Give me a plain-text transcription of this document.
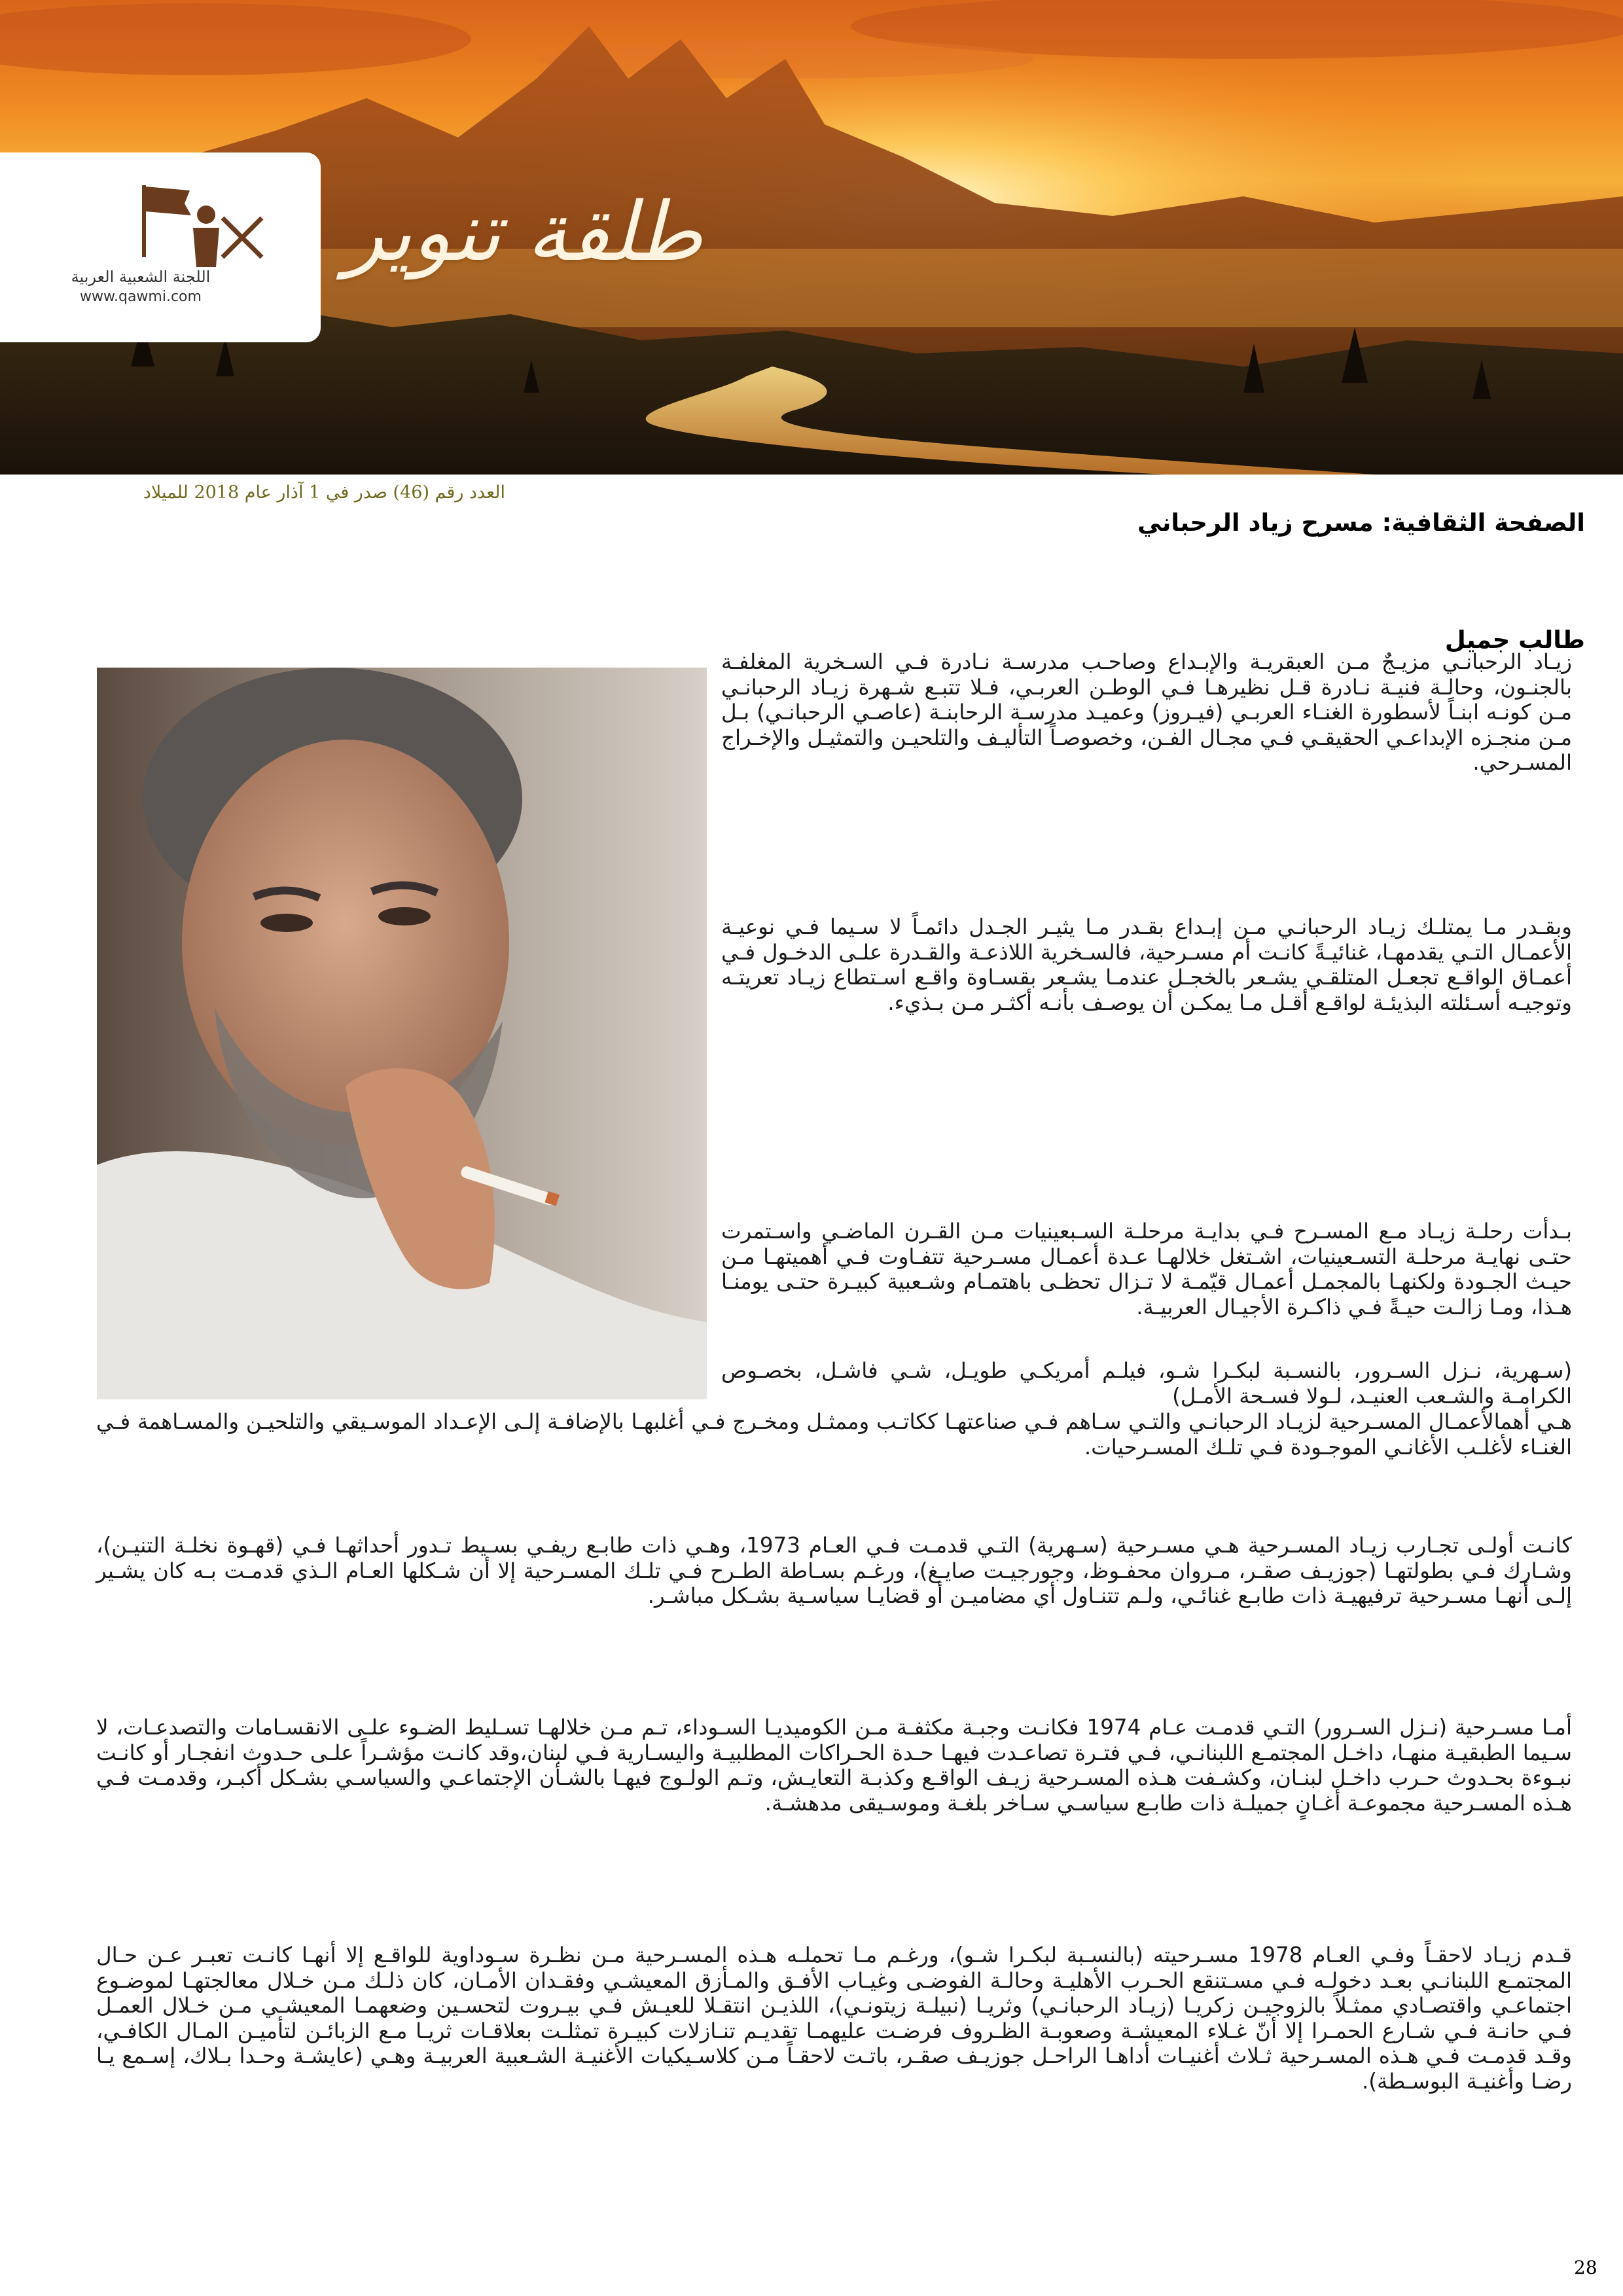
اللجنة الشعبية العربية
www.qawmi.com
طلقة تنوير
العدد رقم (46) صدر في 1 آذار عام 2018 للميلاد
الصفحة الثقافية: مسرح زياد الرحباني
طالب جميل

زيـاد الرحبانـي مزيـجٌ مـن العبقريـة والإبـداع وصاحـب مدرسـة نـادرة فـي السـخرية المغلفـة بالجنـون، وحالـة فنيـة نـادرة قـل نظيرهـا فـي الوطـن العربـي، فـلا تتبـع شـهرة زيـاد الرحبانـي مـن كونـه ابنـاً لأسطورة الغنـاء العربـي (فيـروز) وعميـد مدرسـة الرحابنـة (عاصـي الرحبانـي) بـل مـن منجـزه الإبداعـي الحقيقـي فـي مجـال الفـن، وخصوصـاً التأليـف والتلحيـن والتمثيـل والإخـراج المسـرحي.

وبقـدر مـا يمتلـك زيـاد الرحبانـي مـن إبـداع بقـدر مـا يثيـر الجـدل دائمـاً لا سـيما فـي نوعيـة الأعمـال التـي يقدمهـا، غنائيـةً كانـت أم مسـرحية، فالسـخرية اللاذعـة والقـدرة علـى الدخـول فـي أعمـاق الواقـع تجعـل المتلقـي يشـعر بالخجـل عندمـا يشـعر بقسـاوة واقـع اسـتطاع زيـاد تعريتـه وتوجيـه أسـئلته البذيئـة لواقـع أقـل مـا يمكـن أن يوصـف بأنـه أكثـر مـن بـذيء.

بـدأت رحلـة زيـاد مـع المسـرح فـي بدايـة مرحلـة السـبعينيات مـن القـرن الماضـي واسـتمرت حتـى نهايـة مرحلـة التسـعينيات، اشـتغل خلالهـا عـدة أعمـال مسـرحية تتفـاوت فـي أهميتهـا مـن حيـث الجـودة ولكنهـا بالمجمـل أعمـال قيّمـة لا تـزال تحظـى باهتمـام وشـعبية كبيـرة حتـى يومنـا هـذا، ومـا زالـت حيـةً فـي ذاكـرة الأجيـال العربيـة.

(سـهرية، نـزل السـرور، بالنسـبة لبكـرا شـو، فيلـم أمريكـي طويـل، شـي فاشـل، بخصـوص الكرامـة والشـعب العنيـد، لـولا فسـحة الأمـل)

هـي أهمالأعمـال المسـرحية لزيـاد الرحبانـي والتـي سـاهم فـي صناعتهـا ككاتـب وممثـل ومخـرج فـي أغلبهـا بالإضافـة إلـى الإعـداد الموسـيقي والتلحيـن والمسـاهمة فـي الغنـاء لأغلـب الأغانـي الموجـودة فـي تلـك المسـرحيات.

كانـت أولـى تجـارب زيـاد المسـرحية هـي مسـرحية (سـهرية) التـي قدمـت فـي العـام 1973، وهـي ذات طابـع ريفـي بسـيط تـدور أحداثهـا فـي (قهـوة نخلـة التنيـن)، وشـارك فـي بطولتهـا (جوزيـف صقـر، مـروان محفـوظ، وجورجيـت صايـغ)، ورغـم بسـاطة الطـرح فـي تلـك المسـرحية إلا أن شـكلها العـام الـذي قدمـت بـه كان يشـير إلـى أنهـا مسـرحية ترفيهيـة ذات طابـع غنائـي، ولـم تتنـاول أي مضاميـن أو قضايـا سياسـية بشـكل مباشـر.

أمـا مسـرحية (نـزل السـرور) التـي قدمـت عـام 1974 فكانـت وجبـة مكثفـة مـن الكوميديـا السـوداء، تـم مـن خلالهـا تسـليط الضـوء علـى الانقسـامات والتصدعـات، لا سـيما الطبقيـة منهـا، داخـل المجتمـع اللبنانـي، فـي فتـرة تصاعـدت فيهـا حـدة الحـراكات المطلبيـة واليسـارية فـي لبنان،وقد كانـت مؤشـراً علـى حـدوث انفجـار أو كانـت نبـوءة بحـدوث حـرب داخـل لبنـان، وكشـفت هـذه المسـرحية زيـف الواقـع وكذبـة التعايـش، وتـم الولـوج فيهـا بالشـأن الإجتماعـي والسياسـي بشـكل أكبـر، وقدمـت فـي هـذه المسـرحية مجموعـة أغـانٍ جميلـة ذات طابـع سياسـي سـاخر بلغـة وموسـيقى مدهشـة.

قـدم زيـاد لاحقـاً وفـي العـام 1978 مسـرحيته (بالنسـبة لبكـرا شـو)، ورغـم مـا تحملـه هـذه المسـرحية مـن نظـرة سـوداوية للواقـع إلا أنهـا كانـت تعبـر عـن حـال المجتمـع اللبنانـي بعـد دخولـه فـي مسـتنقع الحـرب الأهليـة وحالـة الفوضـى وغيـاب الأفـق والمـأزق المعيشـي وفقـدان الأمـان، كان ذلـك مـن خـلال معالجتهـا لموضـوع اجتماعـي واقتصـادي ممثـلاً بالزوجيـن زكريـا (زيـاد الرحبانـي) وثريـا (نبيلـة زيتونـي)، اللذيـن انتقـلا للعيـش فـي بيـروت لتحسـين وضعهمـا المعيشـي مـن خـلال العمـل فـي حانـة فـي شـارع الحمـرا إلا أنّ غـلاء المعيشـة وصعوبـة الظـروف فرضـت عليهمـا تقديـم تنـازلات كبيـرة تمثلـت بعلاقـات ثريـا مـع الزبائـن لتأميـن المـال الكافـي، وقـد قدمـت فـي هـذه المسـرحية ثـلاث أغنيـات أداهـا الراحـل جوزيـف صقـر، باتـت لاحقـاً مـن كلاسـيكيات الأغنيـة الشـعبية العربيـة وهـي (عايشـة وحـدا بـلاك، إسـمع يـا رضـا وأغنيـة البوسـطة).

28
